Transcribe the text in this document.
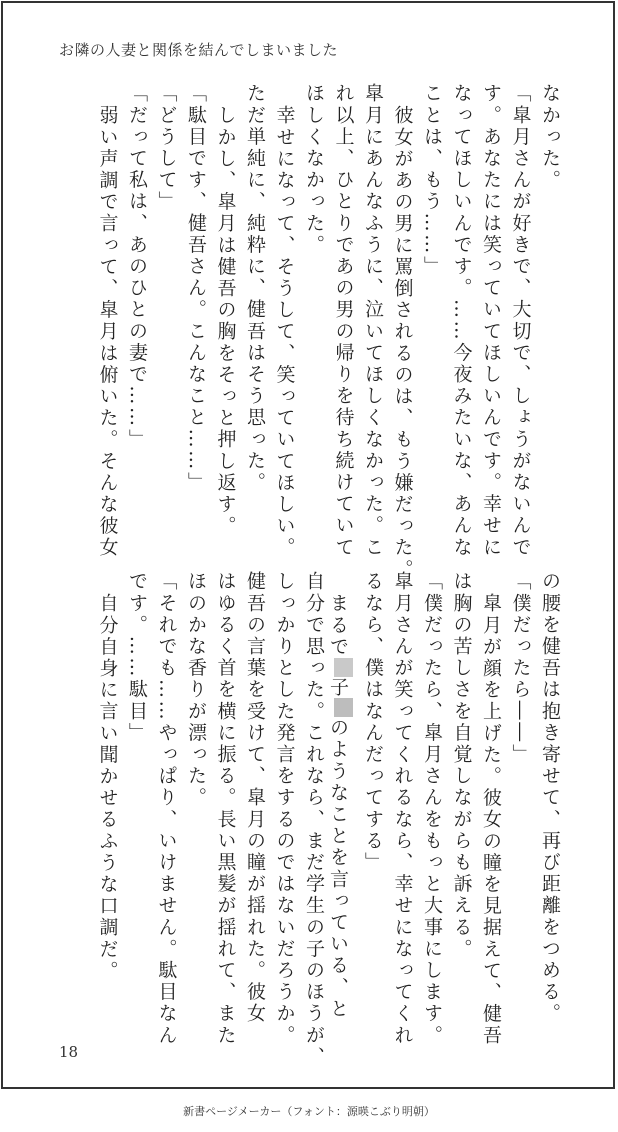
お隣の人妻と関係を結んでしまいました
なかった。
「皐月さんが好きで、大切で、しょうがないんで
す。あなたには笑っていてほしいんです。幸せに
なってほしいんです。……今夜みたいな、あんな
ことは、もう……」
彼女があの男に罵倒されるのは、もう嫌だった。
皐月にあんなふうに、泣いてほしくなかった。こ
れ以上、ひとりであの男の帰りを待ち続けていて
ほしくなかった。
幸せになって、そうして、笑っていてほしい。
ただ単純に、純粋に、健吾はそう思った。
しかし、皐月は健吾の胸をそっと押し返す。
「駄目です、健吾さん。こんなこと……」
「どうして」
「だって私は、あのひとの妻で……」
弱い声調で言って、皐月は俯いた。そんな彼女
の腰を健吾は抱き寄せて、再び距離をつめる。
「僕だったら――」
皐月が顔を上げた。彼女の瞳を見据えて、健吾
は胸の苦しさを自覚しながらも訴える。
「僕だったら、皐月さんをもっと大事にします。
皐月さんが笑ってくれるなら、幸せになってくれ
るなら、僕はなんだってする」
まるで子のようなことを言っている、と
自分で思った。これなら、まだ学生の子のほうが、
しっかりとした発言をするのではないだろうか。
健吾の言葉を受けて、皐月の瞳が揺れた。彼女
はゆるく首を横に振る。長い黒髪が揺れて、また
ほのかな香りが漂った。
「それでも……やっぱり、いけません。駄目なん
です。……駄目」
自分自身に言い聞かせるふうな口調だ。
18
新書ページメーカー（フォント：源暎こぶり明朝）
